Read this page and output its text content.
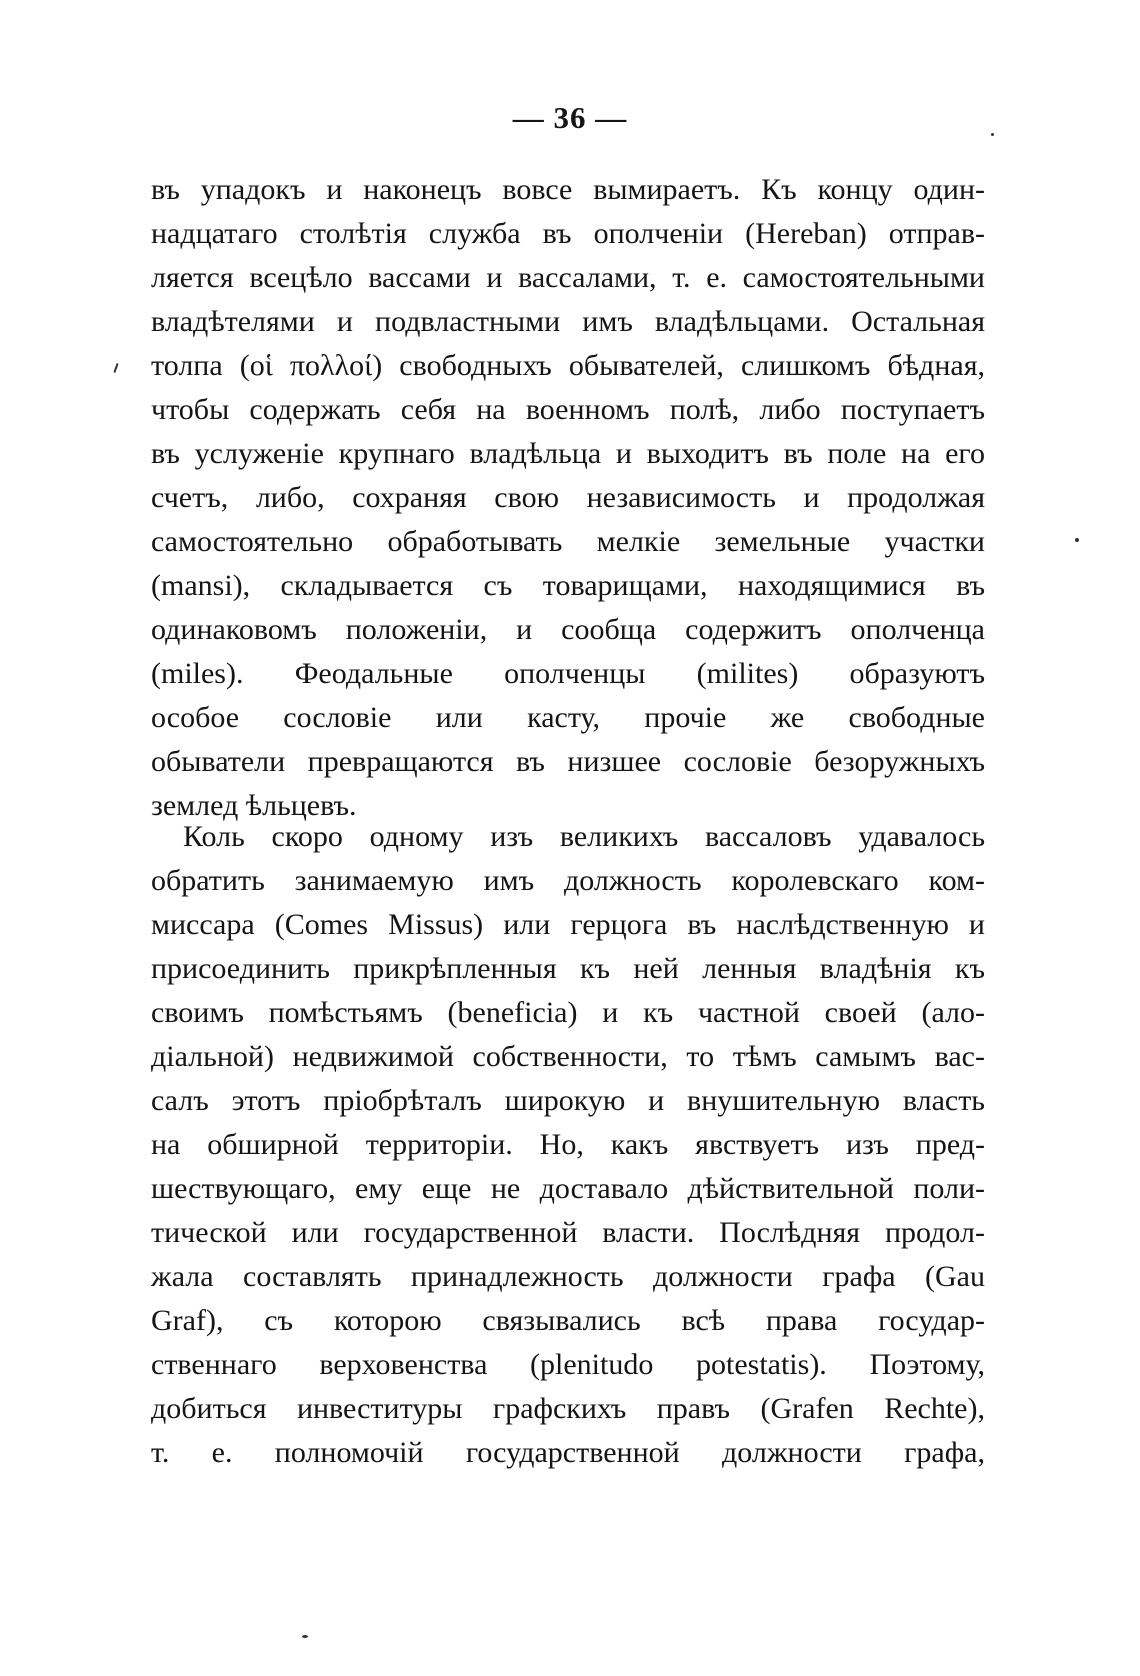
— 36 —
въ упадокъ и наконецъ вовсе вымираетъ. Къ концу один-
надцатаго столѣтія служба въ ополченіи (Hereban) отправ-
ляется всецѣло вассами и вассалами, т. е. самостоятельными
владѣтелями и подвластными имъ владѣльцами. Остальная
толпа (οἱ πολλοί) свободныхъ обывателей, слишкомъ бѣдная,
чтобы содержать себя на военномъ полѣ, либо поступаетъ
въ услуженіе крупнаго владѣльца и выходитъ въ поле на его
счетъ, либо, сохраняя свою независимость и продолжая
самостоятельно обработывать мелкіе земельные участки
(mansi), складывается съ товарищами, находящимися въ
одинаковомъ положеніи, и сообща содержитъ ополченца
(miles). Феодальные ополченцы (milites) образуютъ
особое сословіе или касту, прочіе же свободные
обыватели превращаются въ низшее сословіе безоружныхъ
землед ѣльцевъ.
Коль скоро одному изъ великихъ вассаловъ удавалось
обратить занимаемую имъ должность королевскаго ком-
миссара (Comes Missus) или герцога въ наслѣдственную и
присоединить прикрѣпленныя къ ней ленныя владѣнія къ
своимъ помѣстьямъ (beneficia) и къ частной своей (ало-
діальной) недвижимой собственности, то тѣмъ самымъ вас-
салъ этотъ пріобрѣталъ широкую и внушительную власть
на обширной территоріи. Но, какъ явствуетъ изъ пред-
шествующаго, ему еще не доставало дѣйствительной поли-
тической или государственной власти. Послѣдняя продол-
жала составлять принадлежность должности графа (Gau
Graf), съ которою связывались всѣ права государ-
ственнаго верховенства (plenitudo potestatis). Поэтому,
добиться инвеституры графскихъ правъ (Grafen Rechte),
т. е. полномочій государственной должности графа,
